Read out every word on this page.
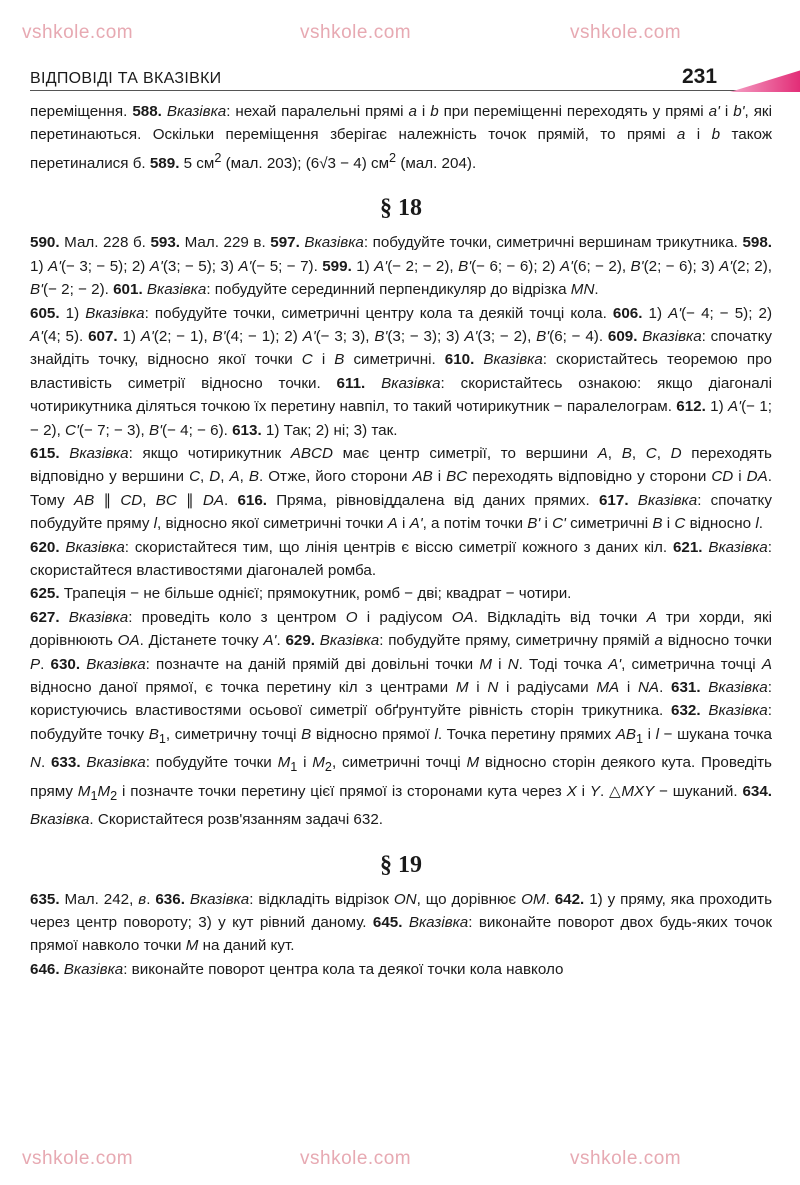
vshkole.com	vshkole.com	vshkole.com
vshkole.com	vshkole.com	vshkole.com
ВІДПОВІДІ ТА ВКАЗІВКИ	231

переміщення. 588. Вказівка: нехай паралельні прямі a і b при переміщенні переходять у прямі a' і b', які перетинаються. Оскільки переміщення зберігає належність точок прямій, то прямі a і b також перетиналися б. 589. 5 $см^2$ (мал. 203); (6√3 − 4) $см^2$ (мал. 204).

§ 18

590. Мал. 228 б. 593. Мал. 229 в. 597. Вказівка: побудуйте точки, симетричні вершинам трикутника. 598. 1) A'(− 3; − 5); 2) A'(3; − 5); 3) A'(− 5; − 7). 599. 1) A'(− 2; − 2), B'(− 6; − 6); 2) A'(6; − 2), B'(2; − 6); 3) A'(2; 2), B'(− 2; − 2). 601. Вказівка: побудуйте серединний перпендикуляр до відрізка MN.

605. 1) Вказівка: побудуйте точки, симетричні центру кола та деякій точці кола. 606. 1) A'(− 4; − 5); 2) A'(4; 5). 607. 1) A'(2; − 1), B'(4; − 1); 2) A'(− 3; 3), B'(3; − 3); 3) A'(3; − 2), B'(6; − 4). 609. Вказівка: спочатку знайдіть точку, відносно якої точки C і B симетричні. 610. Вказівка: скористайтесь теоремою про властивість симетрії відносно точки. 611. Вказівка: скористайтесь ознакою: якщо діагоналі чотирикутника діляться точкою їх перетину навпіл, то такий чотирикутник − паралелограм. 612. 1) A'(− 1; − 2), C'(− 7; − 3), B'(− 4; − 6). 613. 1) Так; 2) ні; 3) так.

615. Вказівка: якщо чотирикутник ABCD має центр симетрії, то вершини A, B, C, D переходять відповідно у вершини C, D, A, B. Отже, його сторони AB і BC переходять відповідно у сторони CD і DA. Тому AB ∥ CD, BC ∥ DA. 616. Пряма, рівновіддалена від даних прямих. 617. Вказівка: спочатку побудуйте пряму l, відносно якої симетричні точки A і A', а потім точки B' і C' симетричні B і C відносно l.

620. Вказівка: скористайтеся тим, що лінія центрів є віссю симетрії кожного з даних кіл. 621. Вказівка: скористайтеся властивостями діагоналей ромба.

625. Трапеція − не більше однієї; прямокутник, ромб − дві; квадрат − чотири.

627. Вказівка: проведіть коло з центром O і радіусом OA. Відкладіть від точки A три хорди, які дорівнюють OA. Дістанете точку A'. 629. Вказівка: побудуйте пряму, симетричну прямій a відносно точки P. 630. Вказівка: позначте на даній прямій дві довільні точки M і N. Тоді точка A', симетрична точці A відносно даної прямої, є точка перетину кіл з центрами M і N і радіусами MA і NA. 631. Вказівка: користуючись властивостями осьової симетрії обґрунтуйте рівність сторін трикутника. 632. Вказівка: побудуйте точку $B_1$, симетричну точці B відносно прямої l. Точка перетину прямих $AB_1$ і l − шукана точка N. 633. Вказівка: побудуйте точки $M_1$ і $M_2$, симетричні точці M відносно сторін деякого кута. Проведіть пряму $M_1M_2$ і позначте точки перетину цієї прямої із сторонами кута через X і Y. △MXY − шуканий. 634. Вказівка. Скористайтеся розв'язанням задачі 632.

§ 19

635. Мал. 242, в. 636. Вказівка: відкладіть відрізок ON, що дорівнює OM. 642. 1) у пряму, яка проходить через центр повороту; 3) у кут рівний даному. 645. Вказівка: виконайте поворот двох будь-яких точок прямої навколо точки M на даний кут.

646. Вказівка: виконайте поворот центра кола та деякої точки кола навколо
